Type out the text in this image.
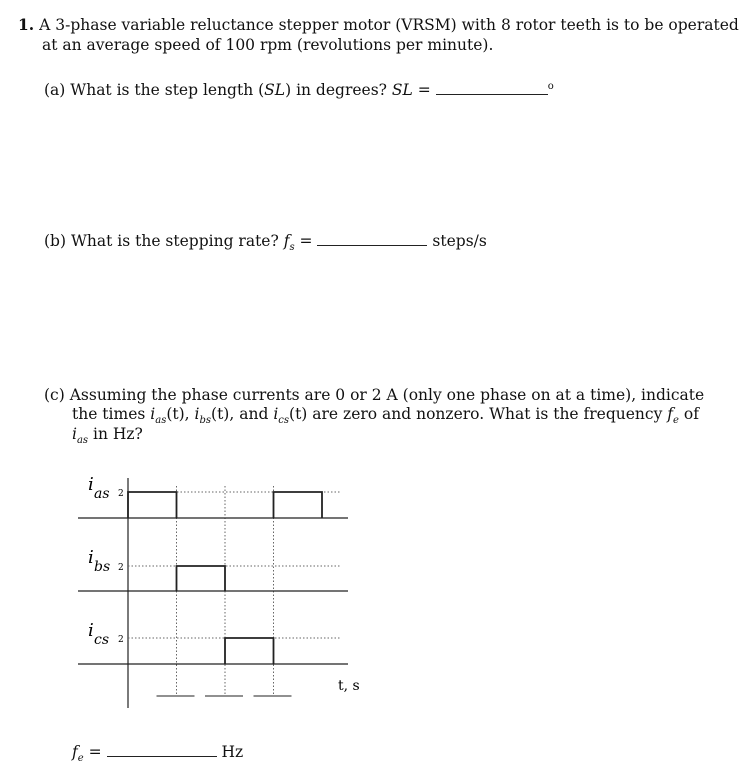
1. A 3-phase variable reluctance stepper motor (VRSM) with 8 rotor teeth is to be operated
at an average speed of 100 rpm (revolutions per minute).
(a) What is the step length (SL) in degrees? SL =	$^o$
(b) What is the stepping rate? $f_s$ =	steps/s
(c) Assuming the phase currents are 0 or 2 A (only one phase on at a time), indicate
the times $i_{as}(t)$, $i_{bs}(t)$, and $i_{cs}(t)$ are zero and nonzero. What is the frequency $f_e$ of
$i_{as}$ in Hz?
2
i as
2
i bs
2
i cs
t, s
$f_e$ =	Hz
